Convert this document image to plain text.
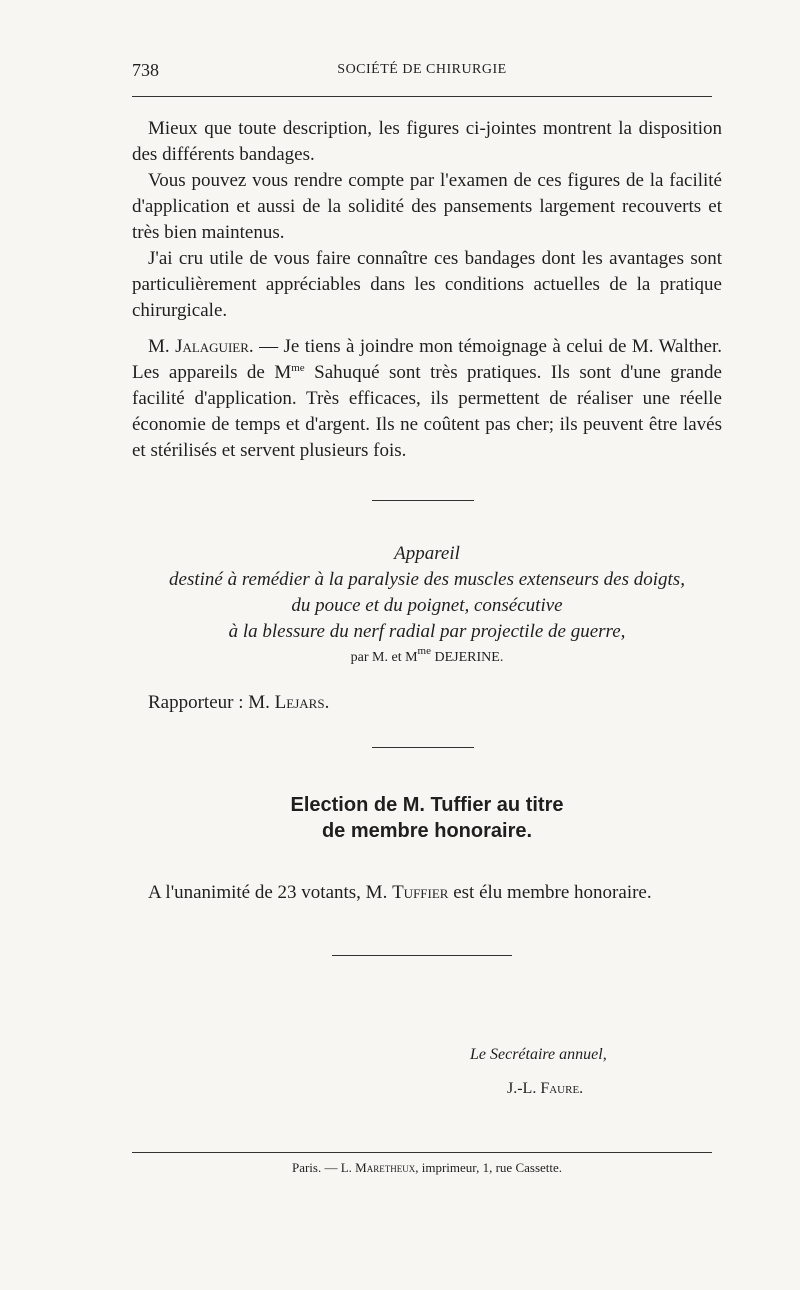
738	SOCIÉTÉ DE CHIRURGIE

Mieux que toute description, les figures ci-jointes montrent la disposition des différents bandages.

Vous pouvez vous rendre compte par l'examen de ces figures de la facilité d'application et aussi de la solidité des pansements largement recouverts et très bien maintenus.

J'ai cru utile de vous faire connaître ces bandages dont les avantages sont particulièrement appréciables dans les conditions actuelles de la pratique chirurgicale.

M. Jalaguier. — Je tiens à joindre mon témoignage à celui de M. Walther. Les appareils de $M^{me}$ Sahuqué sont très pratiques. Ils sont d'une grande facilité d'application. Très efficaces, ils permettent de réaliser une réelle économie de temps et d'argent. Ils ne coûtent pas cher; ils peuvent être lavés et stérilisés et servent plusieurs fois.

Appareil
destiné à remédier à la paralysie des muscles extenseurs des doigts,
du pouce et du poignet, consécutive
à la blessure du nerf radial par projectile de guerre,
par M. et $M^{me}$ DEJERINE.
Rapporteur : M. Lejars.
Election de M. Tuffier au titre
de membre honoraire.
A l'unanimité de 23 votants, M. Tuffier est élu membre honoraire.
Le Secrétaire annuel,
J.-L. Faure.
Paris. — L. Maretheux, imprimeur, 1, rue Cassette.
